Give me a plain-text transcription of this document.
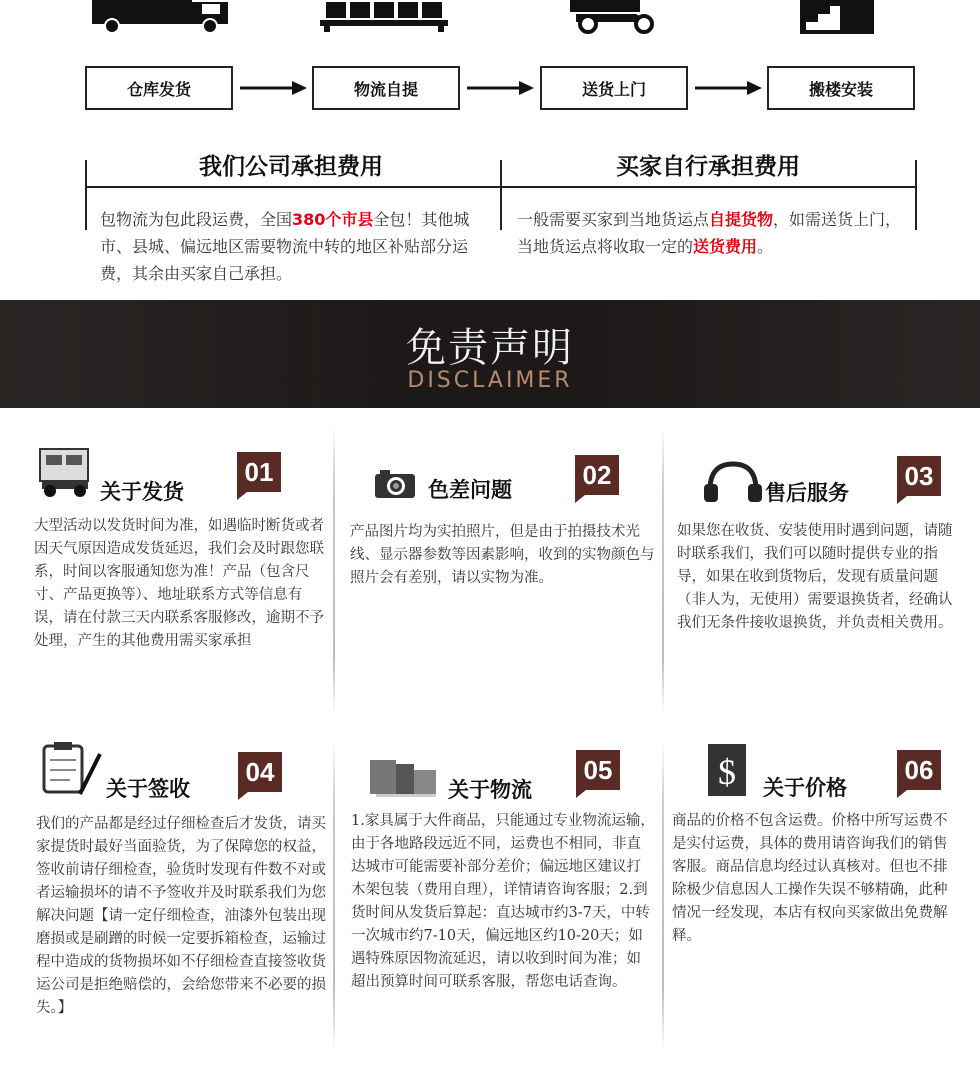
仓库发货	物流自提	送货上门	搬楼安装
我们公司承担费用	买家自行承担费用
包物流为包此段运费，全国380个市县全包！其他城市、县城、偏远地区需要物流中转的地区补贴部分运费，其余由买家自己承担。
一般需要买家到当地货运点自提货物，如需送货上门，当地货运点将收取一定的送货费用。
免责声明
DISCLAIMER
关于发货
01
大型活动以发货时间为准，如遇临时断货或者因天气原因造成发货延迟，我们会及时跟您联系，时间以客服通知您为准！产品（包含尺寸、产品更换等）、地址联系方式等信息有误，请在付款三天内联系客服修改，逾期不予处理，产生的其他费用需买家承担
色差问题	02
产品图片均为实拍照片，但是由于拍摄技术光线、显示器参数等因素影响，收到的实物颜色与照片会有差别，请以实物为准。
售后服务
03
如果您在收货、安装使用时遇到问题，请随时联系我们，我们可以随时提供专业的指导，如果在收到货物后，发现有质量问题（非人为，无使用）需要退换货者，经确认我们无条件接收退换货，并负责相关费用。
关于签收
04
我们的产品都是经过仔细检查后才发货，请买家提货时最好当面验货，为了保障您的权益，签收前请仔细检查，验货时发现有件数不对或者运输损坏的请不予签收并及时联系我们为您解决问题【请一定仔细检查，油漆外包装出现磨损或是刷蹭的时候一定要拆箱检查，运输过程中造成的货物损坏如不仔细检查直接签收货运公司是拒绝赔偿的，会给您带来不必要的损失。】
关于物流
05
1.家具属于大件商品，只能通过专业物流运输，由于各地路段远近不同，运费也不相同，非直达城市可能需要补部分差价；偏远地区建议打木架包装（费用自理），详情请咨询客服；2.到货时间从发货后算起：直达城市约3-7天，中转一次城市约7-10天，偏远地区约10-20天；如遇特殊原因物流延迟，请以收到时间为准；如超出预算时间可联系客服，帮您电话查询。
$ 关于价格
06
商品的价格不包含运费。价格中所写运费不是实付运费，具体的费用请咨询我们的销售客服。商品信息均经过认真核对。但也不排除极少信息因人工操作失误不够精确，此种情况一经发现，本店有权向买家做出免费解释。
